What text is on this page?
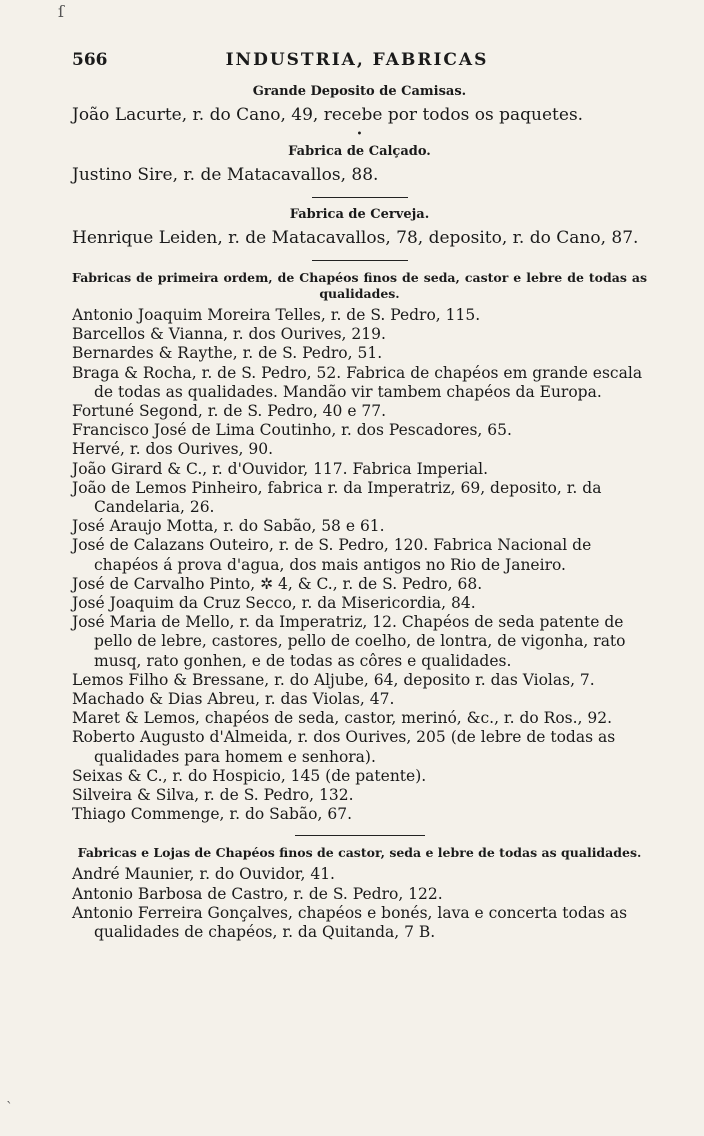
ſ
566	INDUSTRIA, FABRICAS
Grande Deposito de Camisas.

João Lacurte, r. do Cano, 49, recebe por todos os paquetes.

•
Fabrica de Calçado.

Justino Sire, r. de Matacavallos, 88.

Fabrica de Cerveja.

Henrique Leiden, r. de Matacavallos, 78, deposito, r. do Cano, 87.

Fabricas de primeira ordem, de Chapéos finos de seda, castor e lebre de todas as qualidades.

Antonio Joaquim Moreira Telles, r. de S. Pedro, 115.

Barcellos & Vianna, r. dos Ourives, 219.

Bernardes & Raythe, r. de S. Pedro, 51.

Braga & Rocha, r. de S. Pedro, 52. Fabrica de chapéos em grande escala de todas as qualidades. Mandão vir tambem chapéos da Europa.

Fortuné Segond, r. de S. Pedro, 40 e 77.

Francisco José de Lima Coutinho, r. dos Pescadores, 65.

Hervé, r. dos Ourives, 90.

João Girard & C., r. d'Ouvidor, 117. Fabrica Imperial.

João de Lemos Pinheiro, fabrica r. da Imperatriz, 69, deposito, r. da Candelaria, 26.

José Araujo Motta, r. do Sabão, 58 e 61.

José de Calazans Outeiro, r. de S. Pedro, 120. Fabrica Nacional de chapéos á prova d'agua, dos mais antigos no Rio de Janeiro.

José de Carvalho Pinto, ✲ 4, & C., r. de S. Pedro, 68.

José Joaquim da Cruz Secco, r. da Misericordia, 84.

José Maria de Mello, r. da Imperatriz, 12. Chapéos de seda patente de pello de lebre, castores, pello de coelho, de lontra, de vigonha, rato musq, rato gonhen, e de todas as côres e qualidades.

Lemos Filho & Bressane, r. do Aljube, 64, deposito r. das Violas, 7.

Machado & Dias Abreu, r. das Violas, 47.

Maret & Lemos, chapéos de seda, castor, merinó, &c., r. do Ros., 92.

Roberto Augusto d'Almeida, r. dos Ourives, 205 (de lebre de todas as qualidades para homem e senhora).

Seixas & C., r. do Hospicio, 145 (de patente).

Silveira & Silva, r. de S. Pedro, 132.

Thiago Commenge, r. do Sabão, 67.

Fabricas e Lojas de Chapéos finos de castor, seda e lebre de todas as qualidades.

André Maunier, r. do Ouvidor, 41.

Antonio Barbosa de Castro, r. de S. Pedro, 122.

Antonio Ferreira Gonçalves, chapéos e bonés, lava e concerta todas as qualidades de chapéos, r. da Quitanda, 7 B.

ˋ
